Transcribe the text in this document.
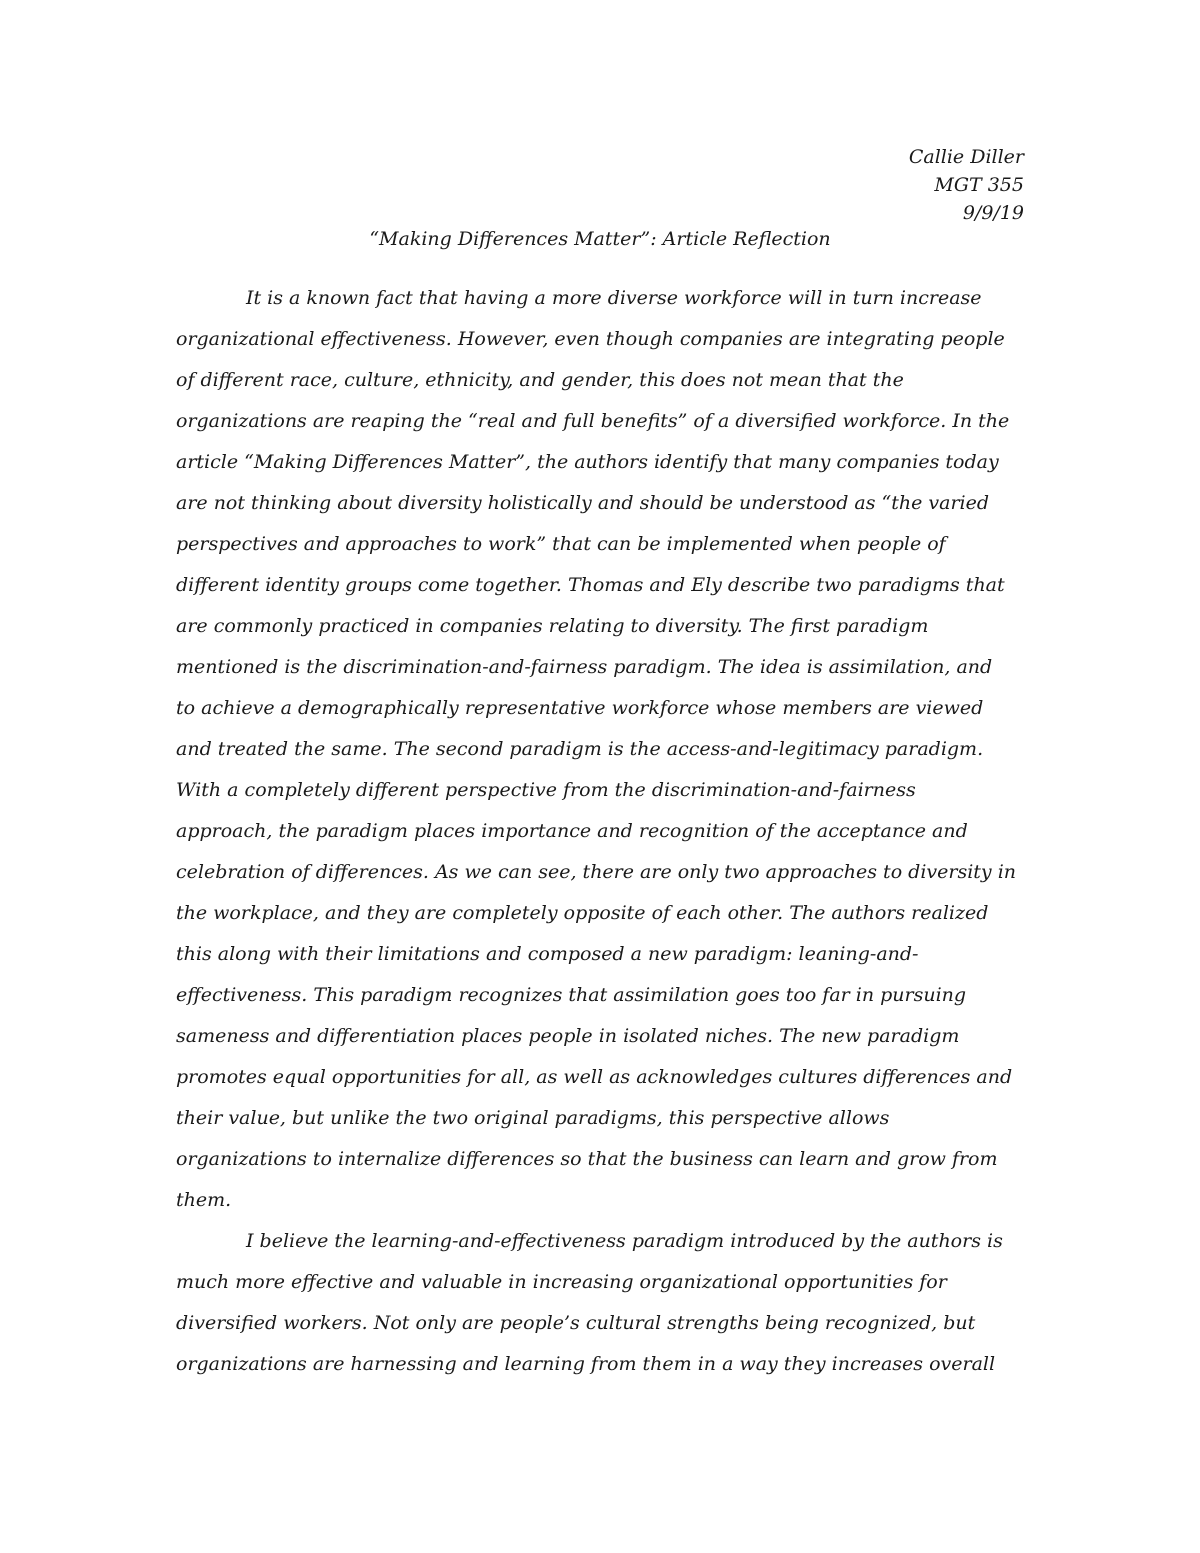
Callie Diller
MGT 355
9/9/19
“Making Differences Matter”: Article Reflection
It is a known fact that having a more diverse workforce will in turn increase
organizational effectiveness. However, even though companies are integrating people
of different race, culture, ethnicity, and gender, this does not mean that the
organizations are reaping the “real and full benefits” of a diversified workforce. In the
article “Making Differences Matter”, the authors identify that many companies today
are not thinking about diversity holistically and should be understood as “the varied
perspectives and approaches to work” that can be implemented when people of
different identity groups come together. Thomas and Ely describe two paradigms that
are commonly practiced in companies relating to diversity. The first paradigm
mentioned is the discrimination-and-fairness paradigm. The idea is assimilation, and
to achieve a demographically representative workforce whose members are viewed
and treated the same. The second paradigm is the access-and-legitimacy paradigm.
With a completely different perspective from the discrimination-and-fairness
approach, the paradigm places importance and recognition of the acceptance and
celebration of differences. As we can see, there are only two approaches to diversity in
the workplace, and they are completely opposite of each other. The authors realized
this along with their limitations and composed a new paradigm: leaning-and-
effectiveness. This paradigm recognizes that assimilation goes too far in pursuing
sameness and differentiation places people in isolated niches. The new paradigm
promotes equal opportunities for all, as well as acknowledges cultures differences and
their value, but unlike the two original paradigms, this perspective allows
organizations to internalize differences so that the business can learn and grow from
them.
I believe the learning-and-effectiveness paradigm introduced by the authors is
much more effective and valuable in increasing organizational opportunities for
diversified workers. Not only are people’s cultural strengths being recognized, but
organizations are harnessing and learning from them in a way they increases overall
